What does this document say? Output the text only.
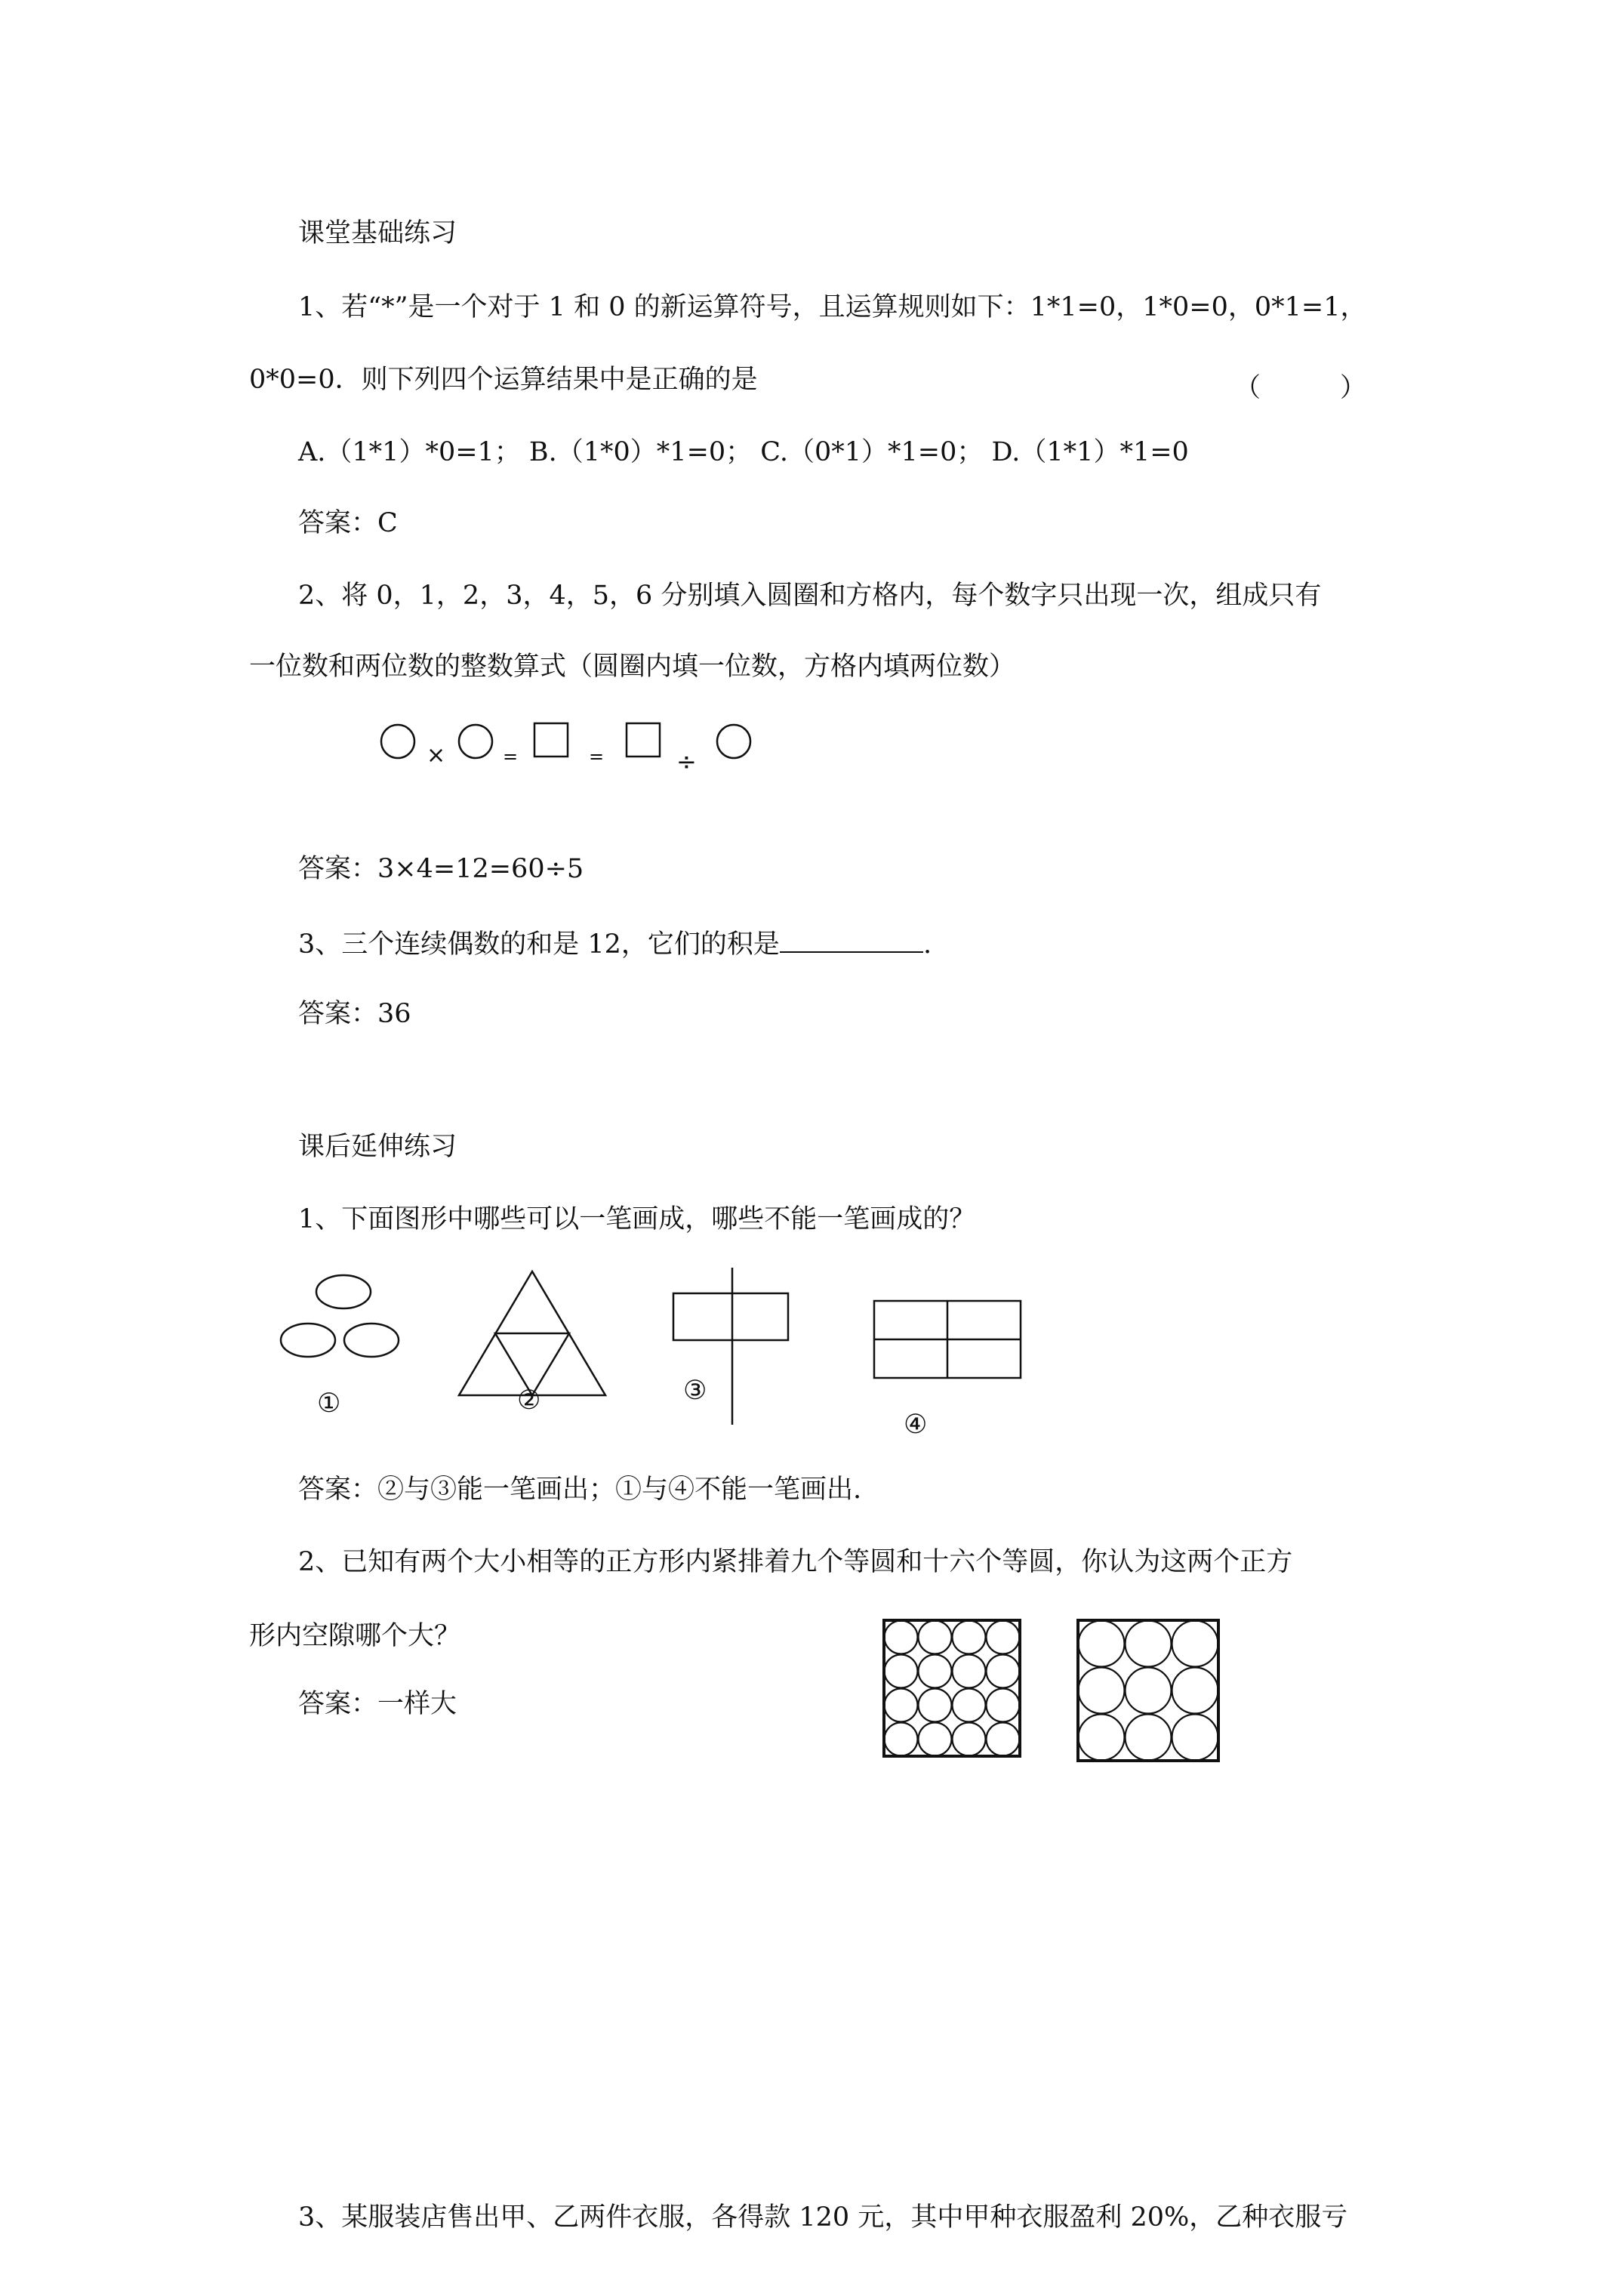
课堂基础练习
1、若“*”是一个对于 1 和 0 的新运算符号，且运算规则如下：1*1=0，1*0=0，0*1=1，
0*0=0．则下列四个运算结果中是正确的是	（	）
A.（1*1）*0=1； B.（1*0）*1=0； C.（0*1）*1=0； D.（1*1）*1=0
答案：C
2、将 0，1，2，3，4，5，6 分别填入圆圈和方格内，每个数字只出现一次，组成只有
一位数和两位数的整数算式（圆圈内填一位数，方格内填两位数）
×	=	=	÷
答案：3×4=12=60÷5
3、三个连续偶数的和是 12，它们的积是	.
答案：36
课后延伸练习
1、下面图形中哪些可以一笔画成，哪些不能一笔画成的？
①	②	③
④
答案：②与③能一笔画出；①与④不能一笔画出.
2、已知有两个大小相等的正方形内紧排着九个等圆和十六个等圆，你认为这两个正方
形内空隙哪个大？
答案：一样大
3、某服装店售出甲、乙两件衣服，各得款 120 元，其中甲种衣服盈利 20%，乙种衣服亏
